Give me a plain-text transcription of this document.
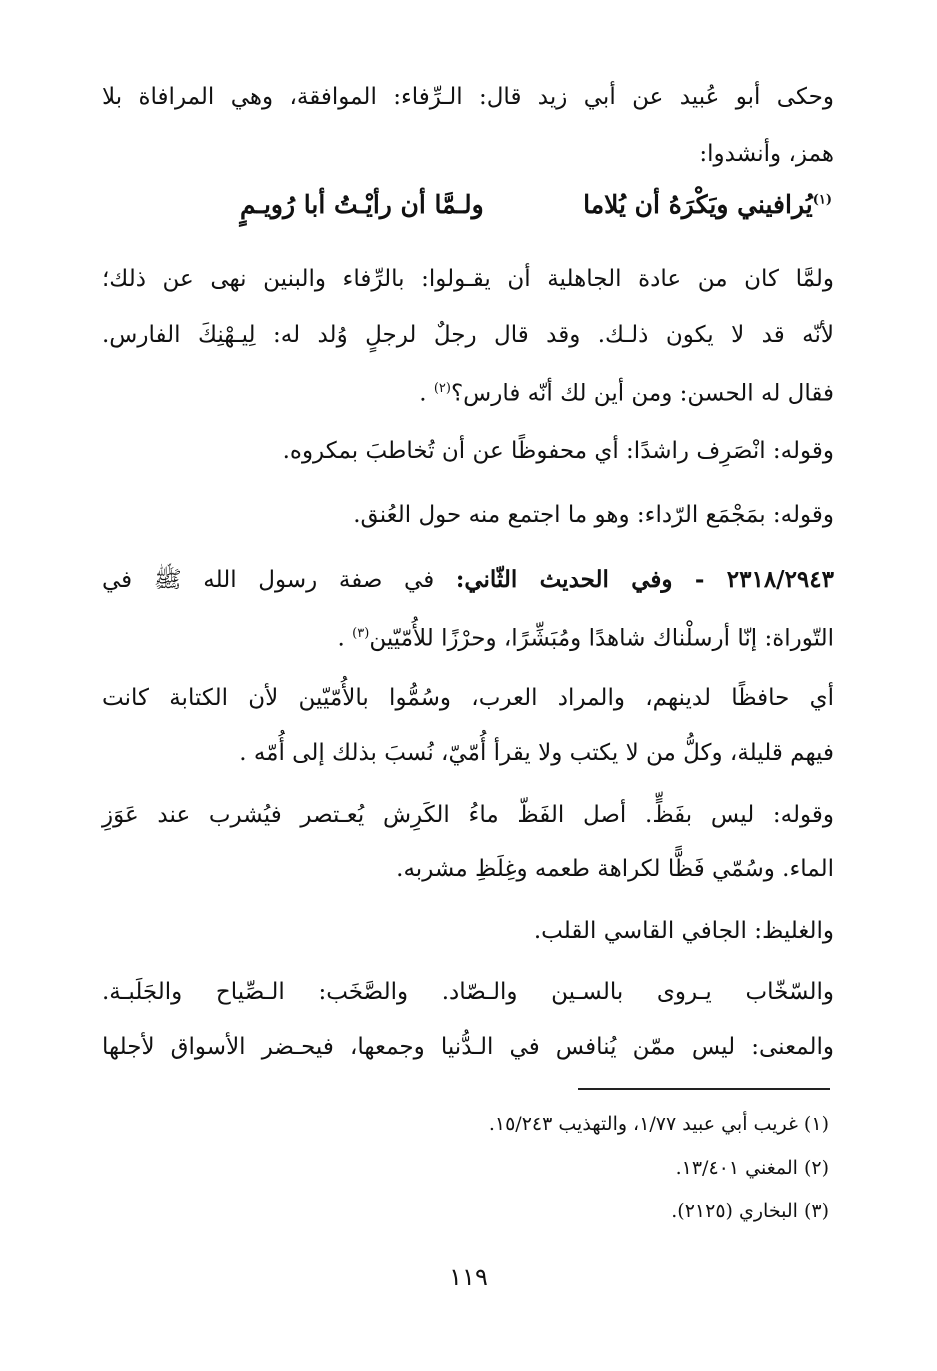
وحكى أبو عُبيد عن أبي زيد قال: الـرِّفاء: الموافقة، وهي المرافاة بلا
همز، وأنشدوا:
$^{(١)}$يُرافيني ويَكْرَهُ أن يُلاما
ولـمَّا أن رأيْـتُ أبا رُويـمٍ
ولمَّا كان من عادة الجاهلية أن يقـولوا: بالرِّفاء والبنين نهى عن ذلك؛
لأنّه قد لا يكون ذلـك. وقد قال رجلٌ لرجلٍ وُلد له: لِيـهْنِكَ الفارس.
فقال له الحسن: ومن أين لك أنّه فارس؟$^{(٢)}$ .
وقوله: انْصَرِف راشدًا: أي محفوظًا عن أن تُخاطبَ بمكروه.
وقوله: بمَجْمَع الرّداء: وهو ما اجتمع منه حول العُنق.
٢٣١٨/٢٩٤٣ - وفي الحديث الثّاني: في صفة رسول الله ﷺ في
التّوراة: إنّا أرسلْناك شاهدًا ومُبَشِّرًا، وحرْزًا للأُمّيّين$^{(٣)}$ .
أي حافظًا لدينهم، والمراد العرب، وسُمُّوا بالأُمّيّين لأن الكتابة كانت
فيهم قليلة، وكلُّ من لا يكتب ولا يقرأ أُمّيّ، نُسبَ بذلك إلى أُمّه .
وقوله: ليس بفَظٍّ. أصل الفَظّ ماءُ الكَرِش يُعـتصر فيُشرب عند عَوَزِ
الماء. وسُمّي فَظًّا لكراهة طعمه وغِلَظِ مشربه.
والغليظ: الجافي القاسي القلب.
والسّخّاب يـروى بالسـين والـصّاد. والصَّخَب: الـصِّياح والجَلَبـة.
والمعنى: ليس ممّن يُنافس في الـدُّنيا وجمعها، فيحـضر الأسواق لأجلها
(١) غريب أبي عبيد ١/٧٧، والتهذيب ١٥/٢٤٣.
(٢) المغني ١٣/٤٠١.
(٣) البخاري (٢١٢٥).
١١٩
